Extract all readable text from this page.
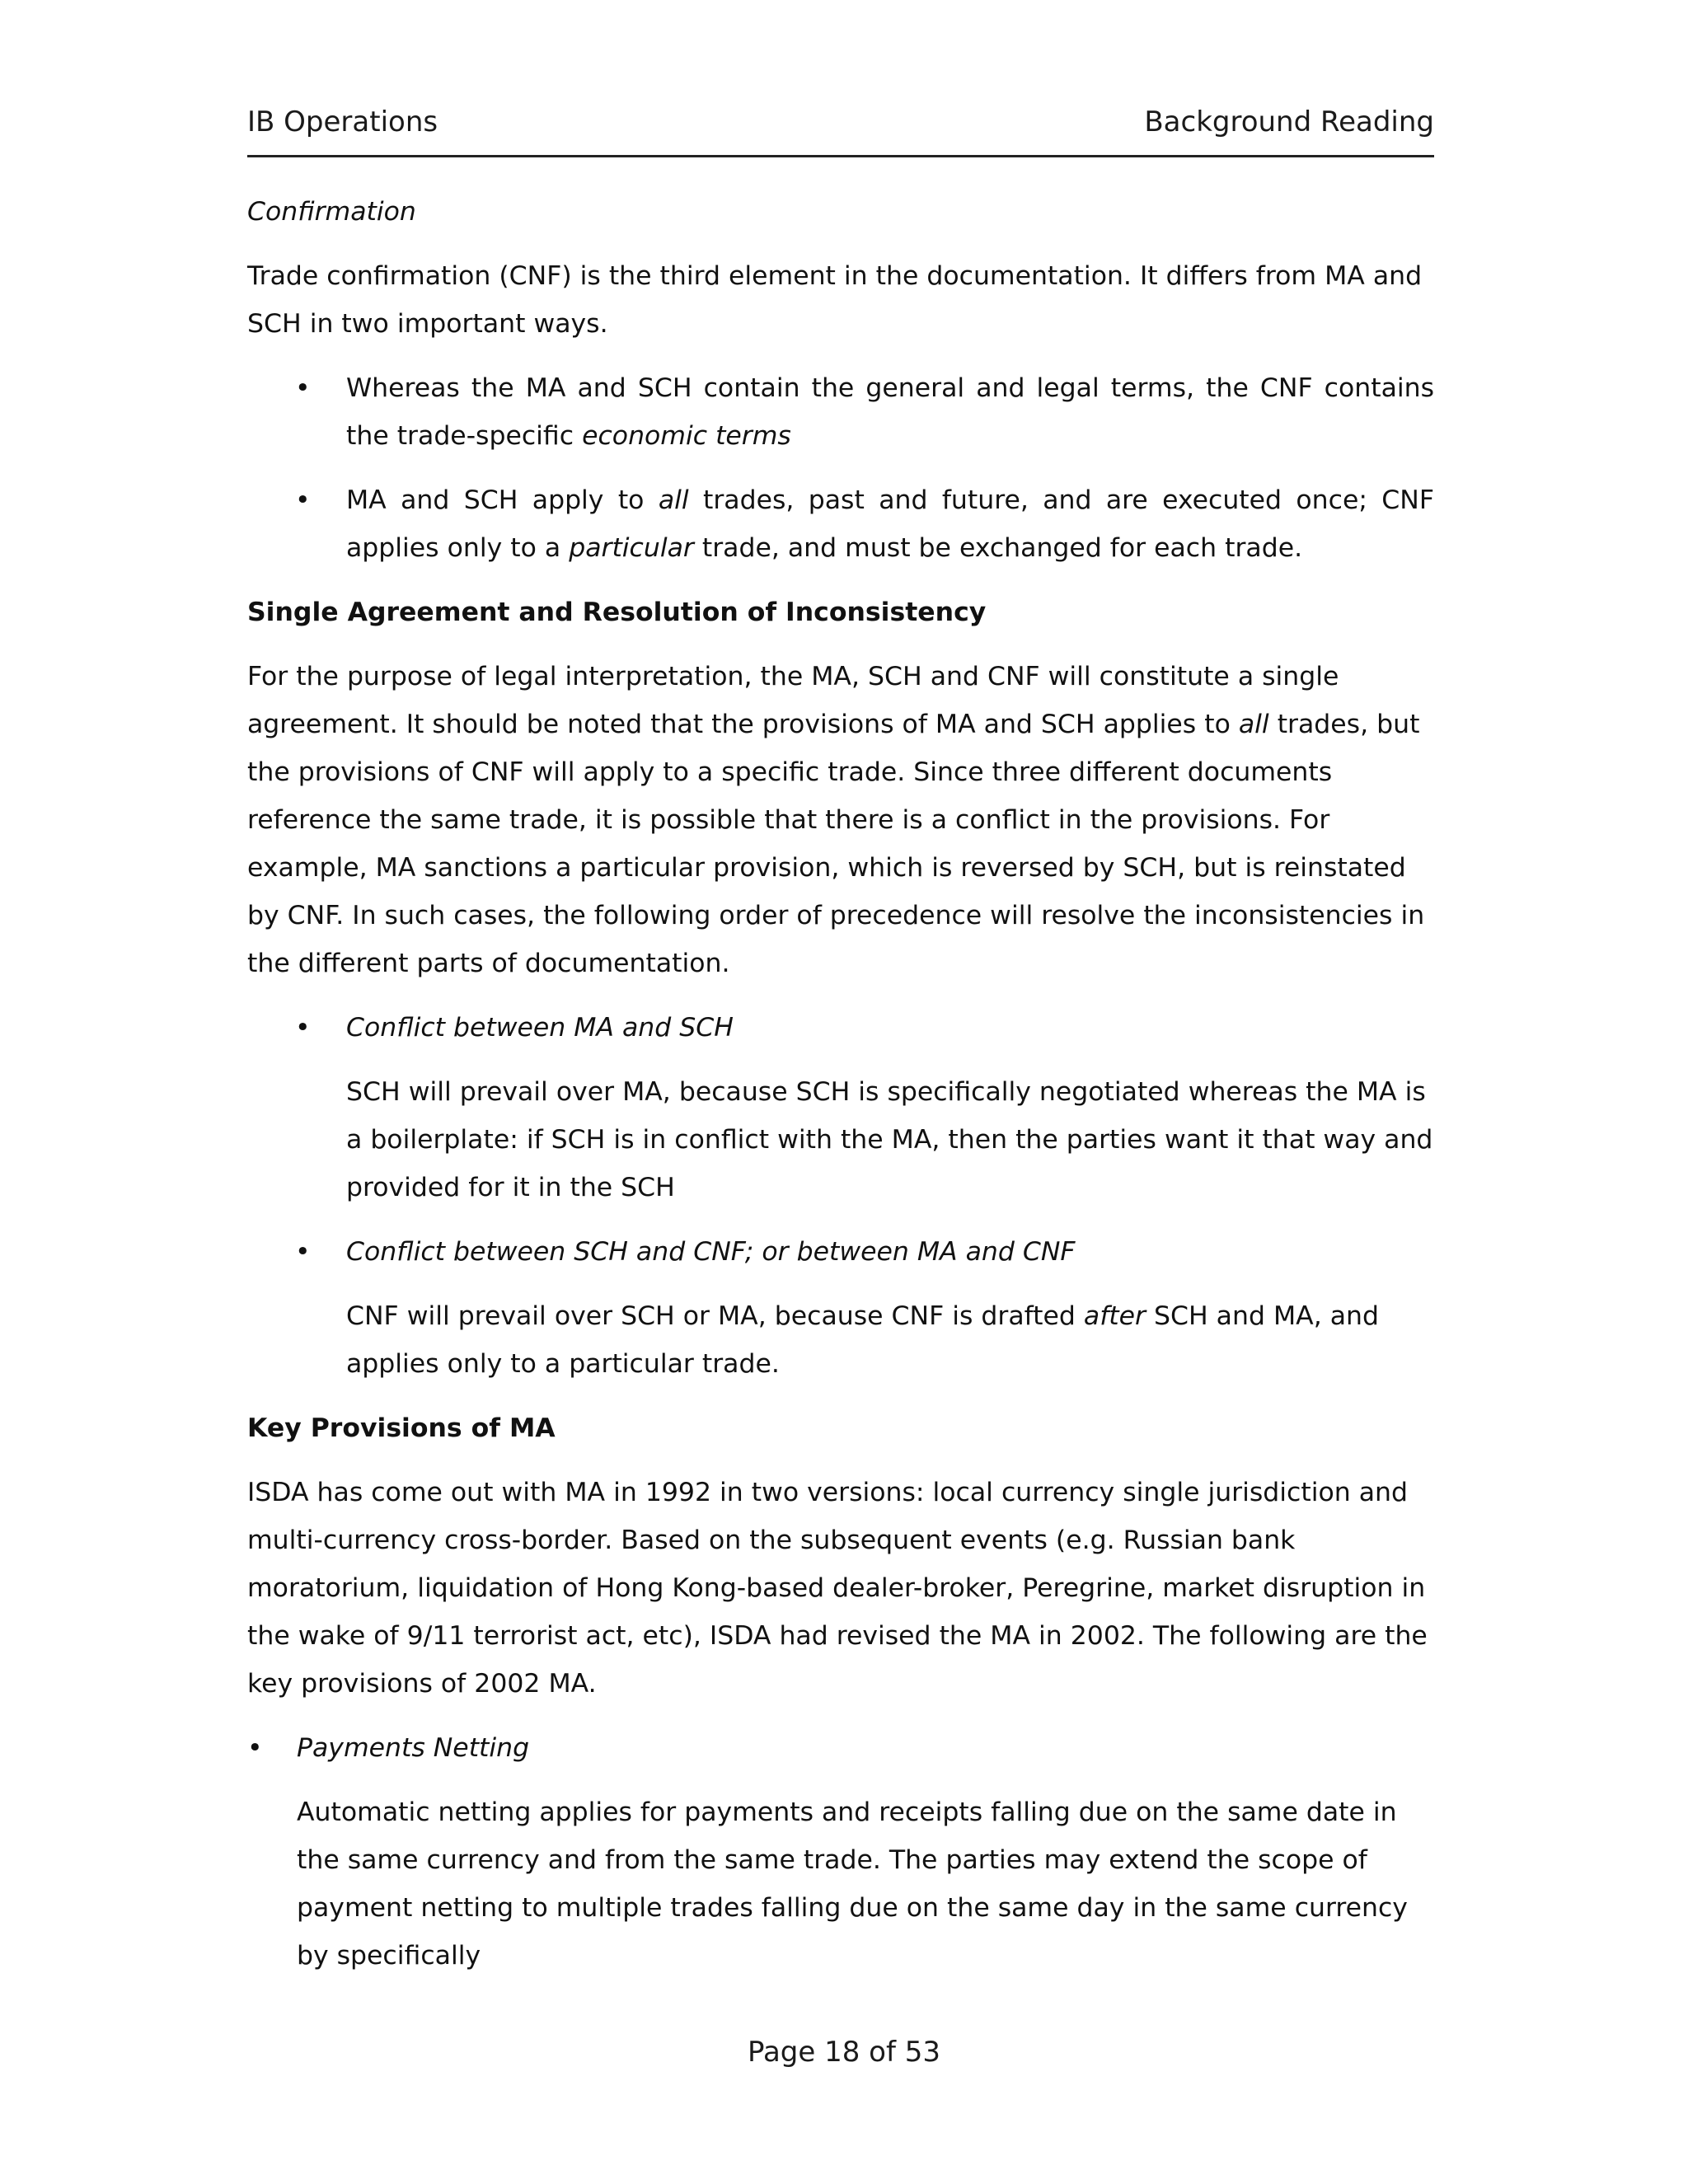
IB Operations	Background Reading

Confirmation

Trade confirmation (CNF) is the third element in the documentation. It differs from MA and SCH in two important ways.

• Whereas the MA and SCH contain the general and legal terms, the CNF contains the trade-specific economic terms
• MA and SCH apply to all trades, past and future, and are executed once; CNF applies only to a particular trade, and must be exchanged for each trade.

Single Agreement and Resolution of Inconsistency

For the purpose of legal interpretation, the MA, SCH and CNF will constitute a single agreement. It should be noted that the provisions of MA and SCH applies to all trades, but the provisions of CNF will apply to a specific trade. Since three different documents reference the same trade, it is possible that there is a conflict in the provisions. For example, MA sanctions a particular provision, which is reversed by SCH, but is reinstated by CNF. In such cases, the following order of precedence will resolve the inconsistencies in the different parts of documentation.

• Conflict between MA and SCH
SCH will prevail over MA, because SCH is specifically negotiated whereas the MA is a boilerplate: if SCH is in conflict with the MA, then the parties want it that way and provided for it in the SCH
• Conflict between SCH and CNF; or between MA and CNF
CNF will prevail over SCH or MA, because CNF is drafted after SCH and MA, and applies only to a particular trade.

Key Provisions of MA

ISDA has come out with MA in 1992 in two versions: local currency single jurisdiction and multi-currency cross-border. Based on the subsequent events (e.g. Russian bank moratorium, liquidation of Hong Kong-based dealer-broker, Peregrine, market disruption in the wake of 9/11 terrorist act, etc), ISDA had revised the MA in 2002. The following are the key provisions of 2002 MA.

• Payments Netting
Automatic netting applies for payments and receipts falling due on the same date in the same currency and from the same trade. The parties may extend the scope of payment netting to multiple trades falling due on the same day in the same currency by specifically
Page 18 of 53
